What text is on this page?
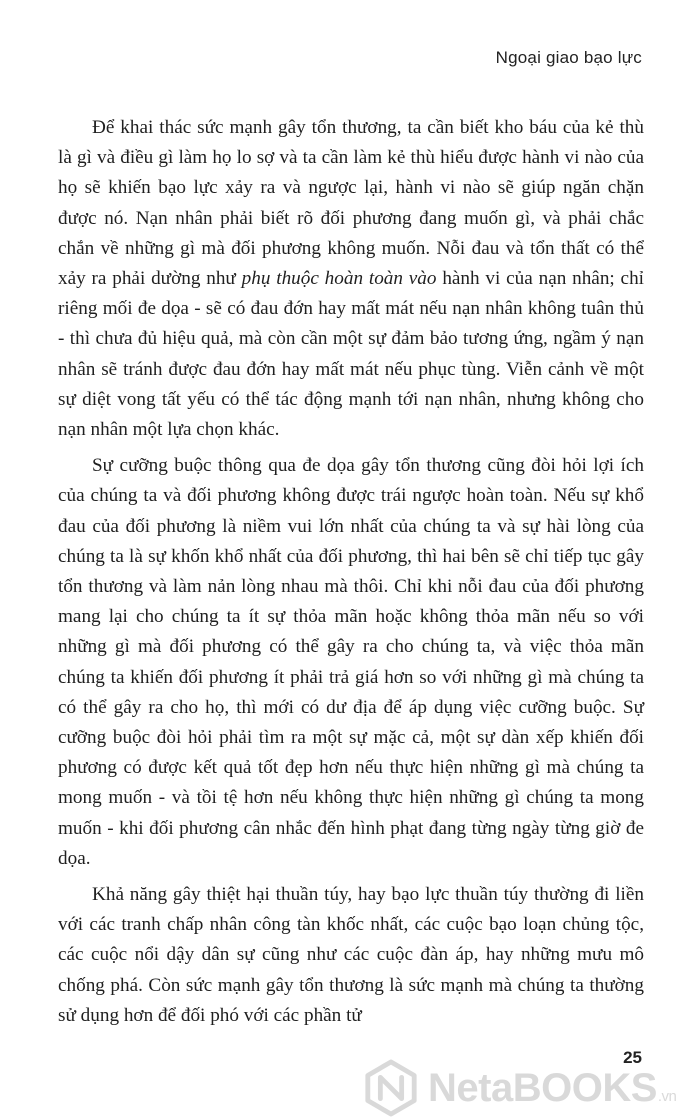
Ngoại giao bạo lực

Để khai thác sức mạnh gây tổn thương, ta cần biết kho báu của kẻ thù là gì và điều gì làm họ lo sợ và ta cần làm kẻ thù hiểu được hành vi nào của họ sẽ khiến bạo lực xảy ra và ngược lại, hành vi nào sẽ giúp ngăn chặn được nó. Nạn nhân phải biết rõ đối phương đang muốn gì, và phải chắc chắn về những gì mà đối phương không muốn. Nỗi đau và tổn thất có thể xảy ra phải dường như phụ thuộc hoàn toàn vào hành vi của nạn nhân; chỉ riêng mối đe dọa - sẽ có đau đớn hay mất mát nếu nạn nhân không tuân thủ - thì chưa đủ hiệu quả, mà còn cần một sự đảm bảo tương ứng, ngầm ý nạn nhân sẽ tránh được đau đớn hay mất mát nếu phục tùng. Viễn cảnh về một sự diệt vong tất yếu có thể tác động mạnh tới nạn nhân, nhưng không cho nạn nhân một lựa chọn khác.

Sự cưỡng buộc thông qua đe dọa gây tổn thương cũng đòi hỏi lợi ích của chúng ta và đối phương không được trái ngược hoàn toàn. Nếu sự khổ đau của đối phương là niềm vui lớn nhất của chúng ta và sự hài lòng của chúng ta là sự khốn khổ nhất của đối phương, thì hai bên sẽ chỉ tiếp tục gây tổn thương và làm nản lòng nhau mà thôi. Chỉ khi nỗi đau của đối phương mang lại cho chúng ta ít sự thỏa mãn hoặc không thỏa mãn nếu so với những gì mà đối phương có thể gây ra cho chúng ta, và việc thỏa mãn chúng ta khiến đối phương ít phải trả giá hơn so với những gì mà chúng ta có thể gây ra cho họ, thì mới có dư địa để áp dụng việc cưỡng buộc. Sự cưỡng buộc đòi hỏi phải tìm ra một sự mặc cả, một sự dàn xếp khiến đối phương có được kết quả tốt đẹp hơn nếu thực hiện những gì mà chúng ta mong muốn - và tồi tệ hơn nếu không thực hiện những gì chúng ta mong muốn - khi đối phương cân nhắc đến hình phạt đang từng ngày từng giờ đe dọa.

Khả năng gây thiệt hại thuần túy, hay bạo lực thuần túy thường đi liền với các tranh chấp nhân công tàn khốc nhất, các cuộc bạo loạn chủng tộc, các cuộc nổi dậy dân sự cũng như các cuộc đàn áp, hay những mưu mô chống phá. Còn sức mạnh gây tổn thương là sức mạnh mà chúng ta thường sử dụng hơn để đối phó với các phần tử

25
NetaBOOKS.vn
